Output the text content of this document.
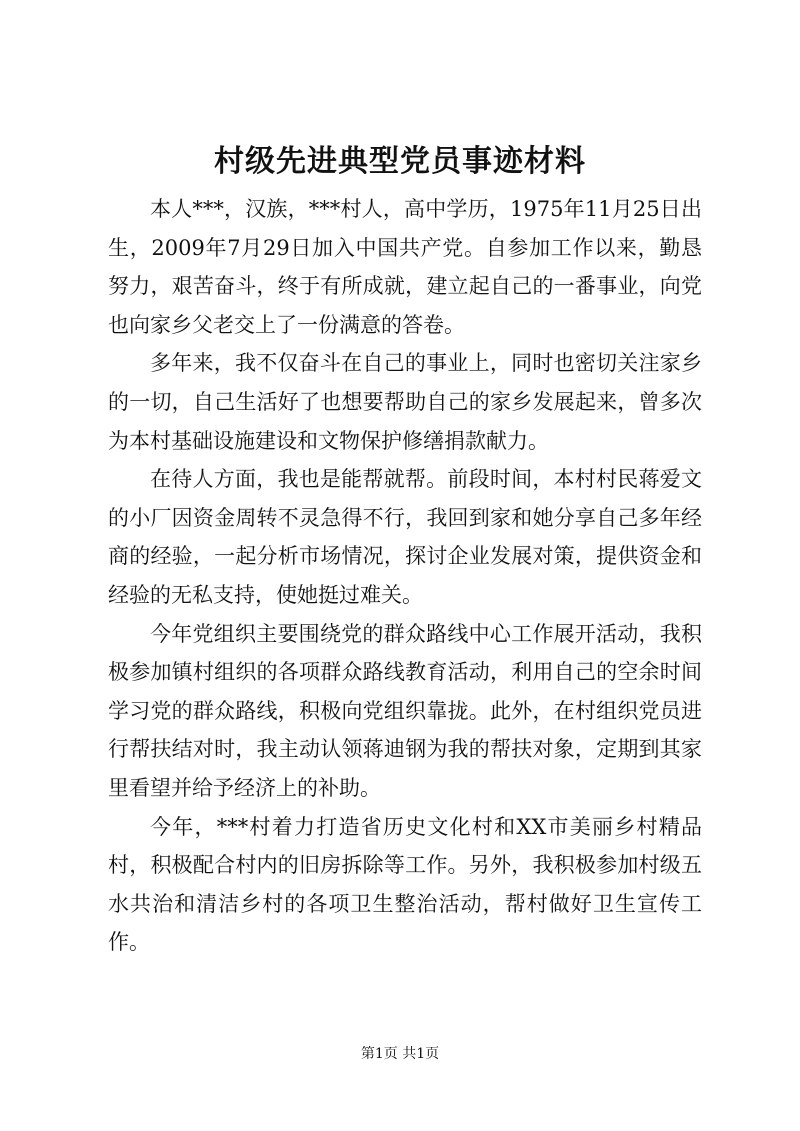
村级先进典型党员事迹材料

本人***，汉族，***村人，高中学历，1975年11月25日出生，2009年7月29日加入中国共产党。自参加工作以来，勤恳努力，艰苦奋斗，终于有所成就，建立起自己的一番事业，向党也向家乡父老交上了一份满意的答卷。

多年来，我不仅奋斗在自己的事业上，同时也密切关注家乡的一切，自己生活好了也想要帮助自己的家乡发展起来，曾多次为本村基础设施建设和文物保护修缮捐款献力。

在待人方面，我也是能帮就帮。前段时间，本村村民蒋爱文的小厂因资金周转不灵急得不行，我回到家和她分享自己多年经商的经验，一起分析市场情况，探讨企业发展对策，提供资金和经验的无私支持，使她挺过难关。

今年党组织主要围绕党的群众路线中心工作展开活动，我积极参加镇村组织的各项群众路线教育活动，利用自己的空余时间学习党的群众路线，积极向党组织靠拢。此外，在村组织党员进行帮扶结对时，我主动认领蒋迪钢为我的帮扶对象，定期到其家里看望并给予经济上的补助。

今年，***村着力打造省历史文化村和XX市美丽乡村精品村，积极配合村内的旧房拆除等工作。另外，我积极参加村级五水共治和清洁乡村的各项卫生整治活动，帮村做好卫生宣传工作。

第1页 共1页
